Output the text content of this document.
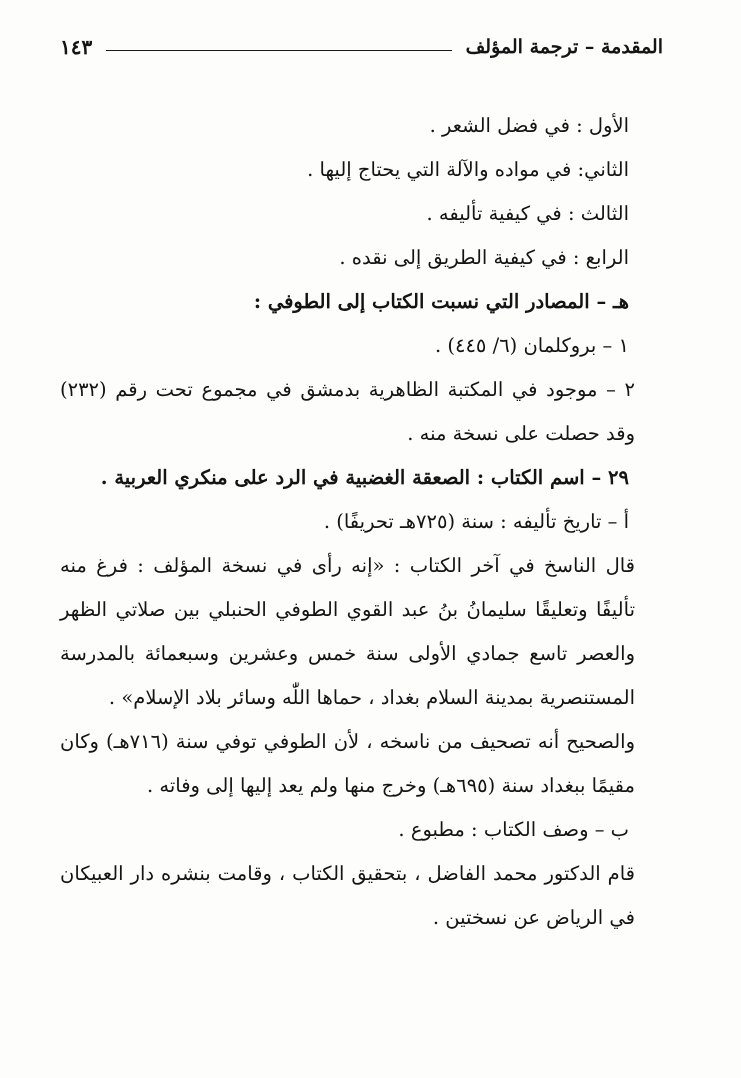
المقدمة – ترجمة المؤلف
١٤٣
الأول : في فضل الشعر .
الثاني: في مواده والآلة التي يحتاج إليها .
الثالث : في كيفية تأليفه .
الرابع : في كيفية الطريق إلى نقده .
هـ – المصادر التي نسبت الكتاب إلى الطوفي :
١ – بروكلمان (٦/ ٤٤٥) .
٢ – موجود في المكتبة الظاهرية بدمشق في مجموع تحت رقم (٢٣٢) وقد حصلت على نسخة منه .
٢٩ – اسم الكتاب : الصعقة الغضبية في الرد على منكري العربية .
أ – تاريخ تأليفه : سنة (٧٢٥هـ تحريفًا) .
قال الناسخ في آخر الكتاب : «إنه رأى في نسخة المؤلف : فرغ منه تأليفًا وتعليقًا سليمانُ بنُ عبد القوي الطوفي الحنبلي بين صلاتي الظهر والعصر تاسع جمادي الأولى سنة خمس وعشرين وسبعمائة بالمدرسة المستنصرية بمدينة السلام بغداد ، حماها اللّٰه وسائر بلاد الإسلام» .
والصحيح أنه تصحيف من ناسخه ، لأن الطوفي توفي سنة (٧١٦هـ) وكان مقيمًا ببغداد سنة (٦٩٥هـ) وخرج منها ولم يعد إليها إلى وفاته .
ب – وصف الكتاب : مطبوع .
قام الدكتور محمد الفاضل ، بتحقيق الكتاب ، وقامت بنشره دار العبيكان في الرياض عن نسختين .
